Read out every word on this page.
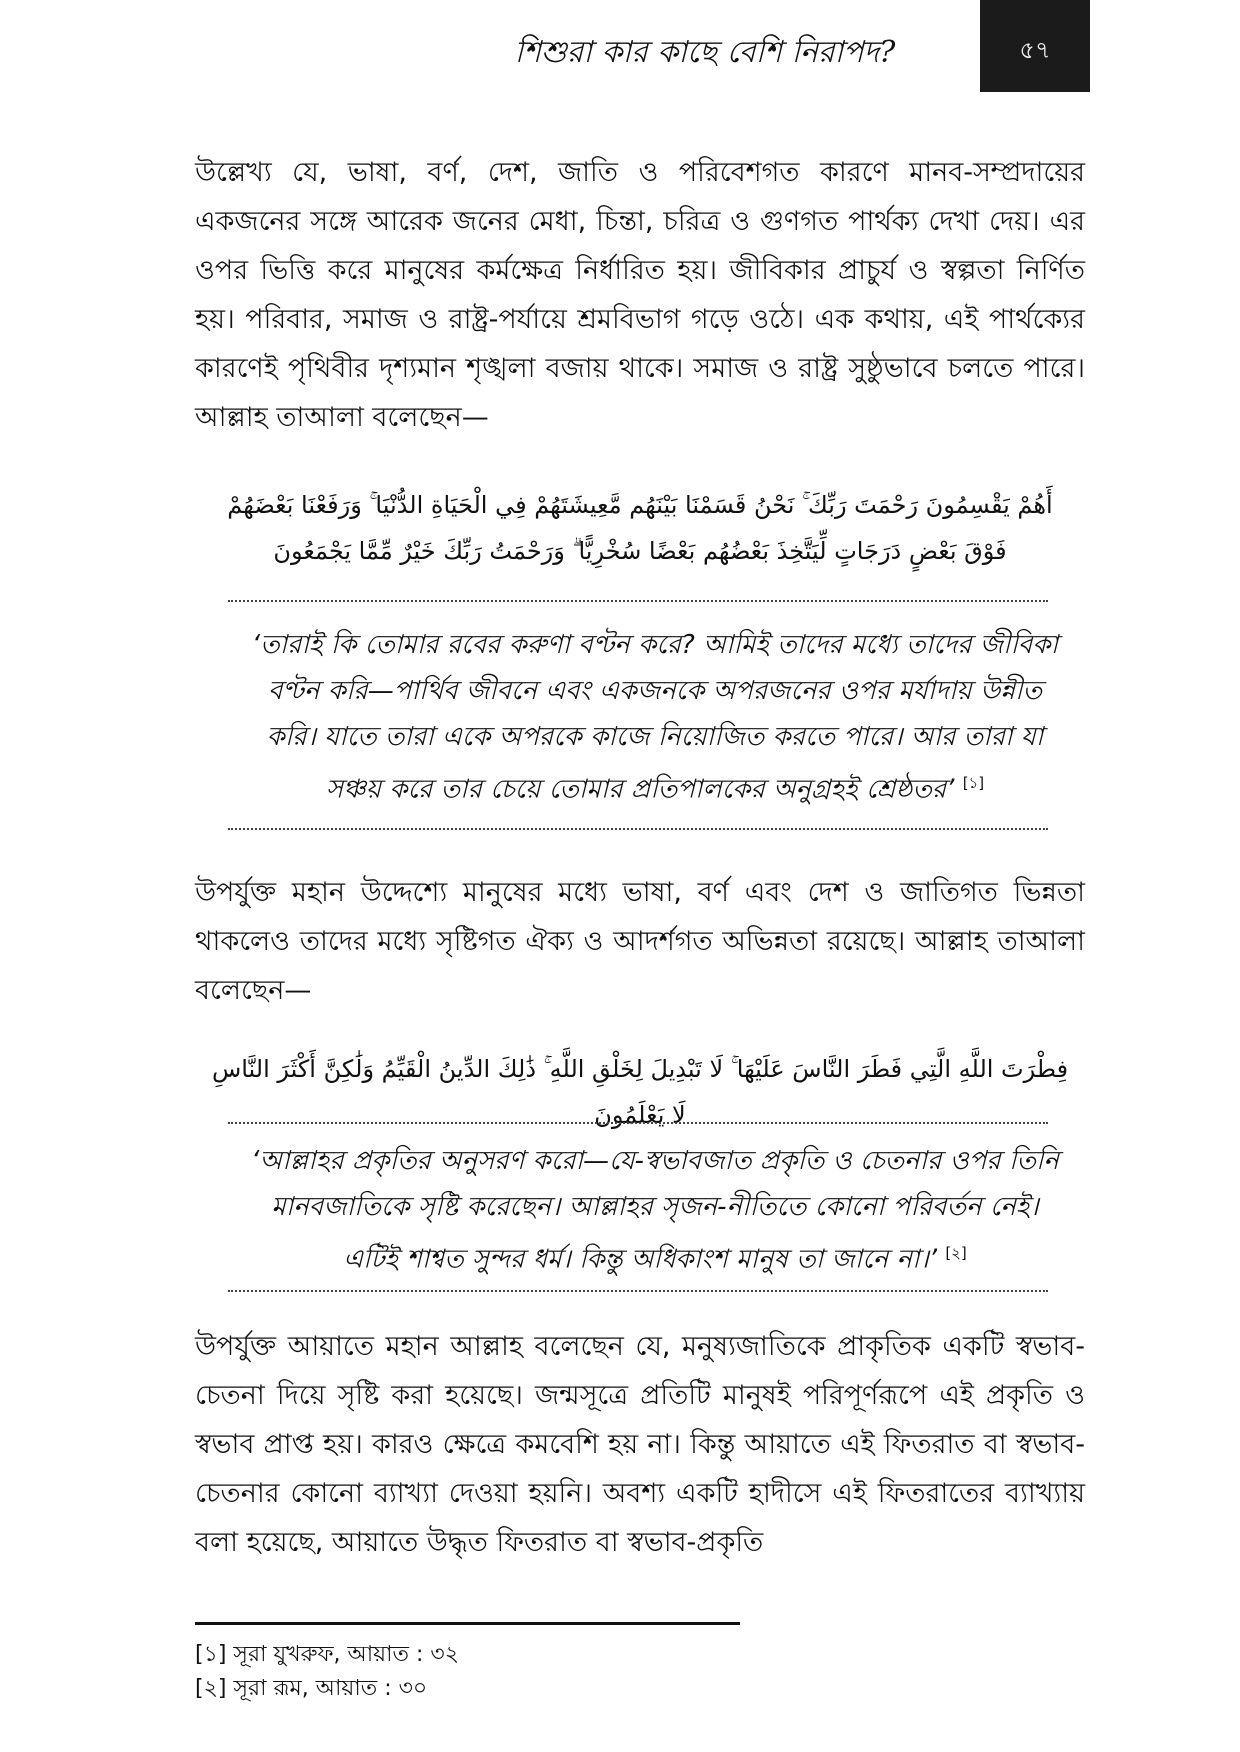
শিশুরা কার কাছে বেশি নিরাপদ?	৫৭
উল্লেখ্য যে, ভাষা, বর্ণ, দেশ, জাতি ও পরিবেশগত কারণে মানব-সম্প্রদায়ের একজনের সঙ্গে আরেক জনের মেধা, চিন্তা, চরিত্র ও গুণগত পার্থক্য দেখা দেয়। এর ওপর ভিত্তি করে মানুষের কর্মক্ষেত্র নির্ধারিত হয়। জীবিকার প্রাচুর্য ও স্বল্পতা নির্ণিত হয়। পরিবার, সমাজ ও রাষ্ট্র-পর্যায়ে শ্রমবিভাগ গড়ে ওঠে। এক কথায়, এই পার্থক্যের কারণেই পৃথিবীর দৃশ্যমান শৃঙ্খলা বজায় থাকে। সমাজ ও রাষ্ট্র সুষ্ঠুভাবে চলতে পারে। আল্লাহ তাআলা বলেছেন—
أَهُمْ يَقْسِمُونَ رَحْمَتَ رَبِّكَ ۚ نَحْنُ قَسَمْنَا بَيْنَهُم مَّعِيشَتَهُمْ فِي الْحَيَاةِ الدُّنْيَا ۚ وَرَفَعْنَا بَعْضَهُمْ فَوْقَ بَعْضٍ دَرَجَاتٍ لِّيَتَّخِذَ بَعْضُهُم بَعْضًا سُخْرِيًّا ۗ وَرَحْمَتُ رَبِّكَ خَيْرٌ مِّمَّا يَجْمَعُونَ
‘তারাই কি তোমার রবের করুণা বণ্টন করে? আমিই তাদের মধ্যে তাদের জীবিকা বণ্টন করি—পার্থিব জীবনে এবং একজনকে অপরজনের ওপর মর্যাদায় উন্নীত করি। যাতে তারা একে অপরকে কাজে নিয়োজিত করতে পারে। আর তারা যা সঞ্চয় করে তার চেয়ে তোমার প্রতিপালকের অনুগ্রহই শ্রেষ্ঠতর’ [১]
উপর্যুক্ত মহান উদ্দেশ্যে মানুষের মধ্যে ভাষা, বর্ণ এবং দেশ ও জাতিগত ভিন্নতা থাকলেও তাদের মধ্যে সৃষ্টিগত ঐক্য ও আদর্শগত অভিন্নতা রয়েছে। আল্লাহ তাআলা বলেছেন—
فِطْرَتَ اللَّهِ الَّتِي فَطَرَ النَّاسَ عَلَيْهَا ۚ لَا تَبْدِيلَ لِخَلْقِ اللَّهِ ۚ ذَٰلِكَ الدِّينُ الْقَيِّمُ وَلَٰكِنَّ أَكْثَرَ النَّاسِ لَا يَعْلَمُونَ
‘আল্লাহর প্রকৃতির অনুসরণ করো—যে-স্বভাবজাত প্রকৃতি ও চেতনার ওপর তিনি মানবজাতিকে সৃষ্টি করেছেন। আল্লাহর সৃজন-নীতিতে কোনো পরিবর্তন নেই। এটিই শাশ্বত সুন্দর ধর্ম। কিন্তু অধিকাংশ মানুষ তা জানে না।’ [২]
উপর্যুক্ত আয়াতে মহান আল্লাহ বলেছেন যে, মনুষ্যজাতিকে প্রাকৃতিক একটি স্বভাব-চেতনা দিয়ে সৃষ্টি করা হয়েছে। জন্মসূত্রে প্রতিটি মানুষই পরিপূর্ণরূপে এই প্রকৃতি ও স্বভাব প্রাপ্ত হয়। কারও ক্ষেত্রে কমবেশি হয় না। কিন্তু আয়াতে এই ফিতরাত বা স্বভাব-চেতনার কোনো ব্যাখ্যা দেওয়া হয়নি। অবশ্য একটি হাদীসে এই ফিতরাতের ব্যাখ্যায় বলা হয়েছে, আয়াতে উদ্ধৃত ফিতরাত বা স্বভাব-প্রকৃতি
[১] সূরা যুখরুফ, আয়াত : ৩২
[২] সূরা রূম, আয়াত : ৩০
